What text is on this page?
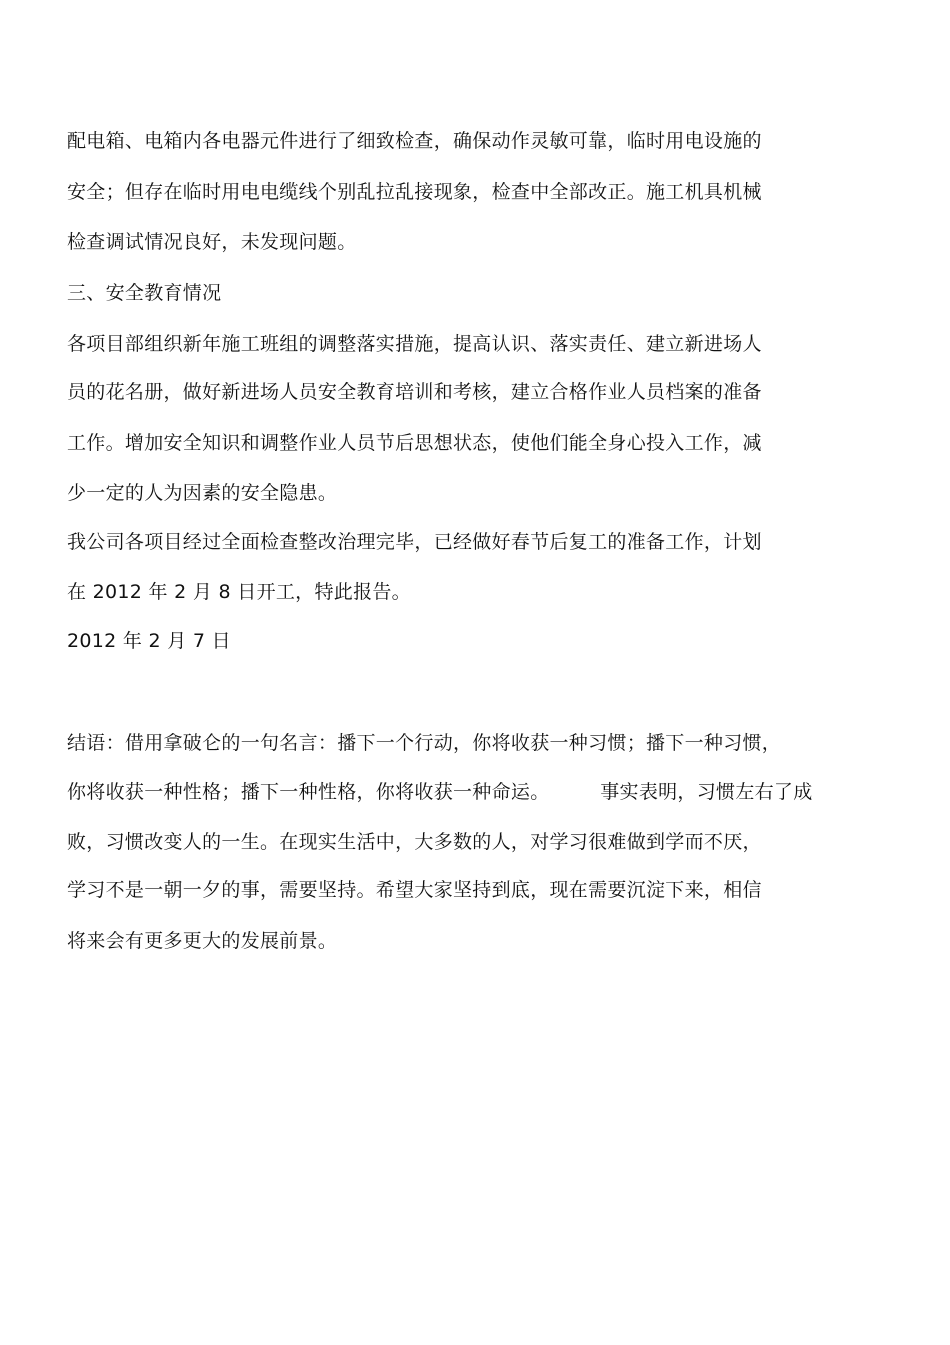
配电箱、电箱内各电器元件进行了细致检查，确保动作灵敏可靠，临时用电设施的
安全；但存在临时用电电缆线个别乱拉乱接现象，检查中全部改正。施工机具机械
检查调试情况良好，未发现问题。
三、安全教育情况
各项目部组织新年施工班组的调整落实措施，提高认识、落实责任、建立新进场人
员的花名册，做好新进场人员安全教育培训和考核，建立合格作业人员档案的准备
工作。增加安全知识和调整作业人员节后思想状态，使他们能全身心投入工作，减
少一定的人为因素的安全隐患。
我公司各项目经过全面检查整改治理完毕，已经做好春节后复工的准备工作，计划
在 2012 年 2 月 8 日开工，特此报告。
2012 年 2 月 7 日
结语：借用拿破仑的一句名言：播下一个行动，你将收获一种习惯；播下一种习惯，
你将收获一种性格；播下一种性格，你将收获一种命运。        事实表明，习惯左右了成
败，习惯改变人的一生。在现实生活中，大多数的人，对学习很难做到学而不厌，
学习不是一朝一夕的事，需要坚持。希望大家坚持到底，现在需要沉淀下来，相信
将来会有更多更大的发展前景。
